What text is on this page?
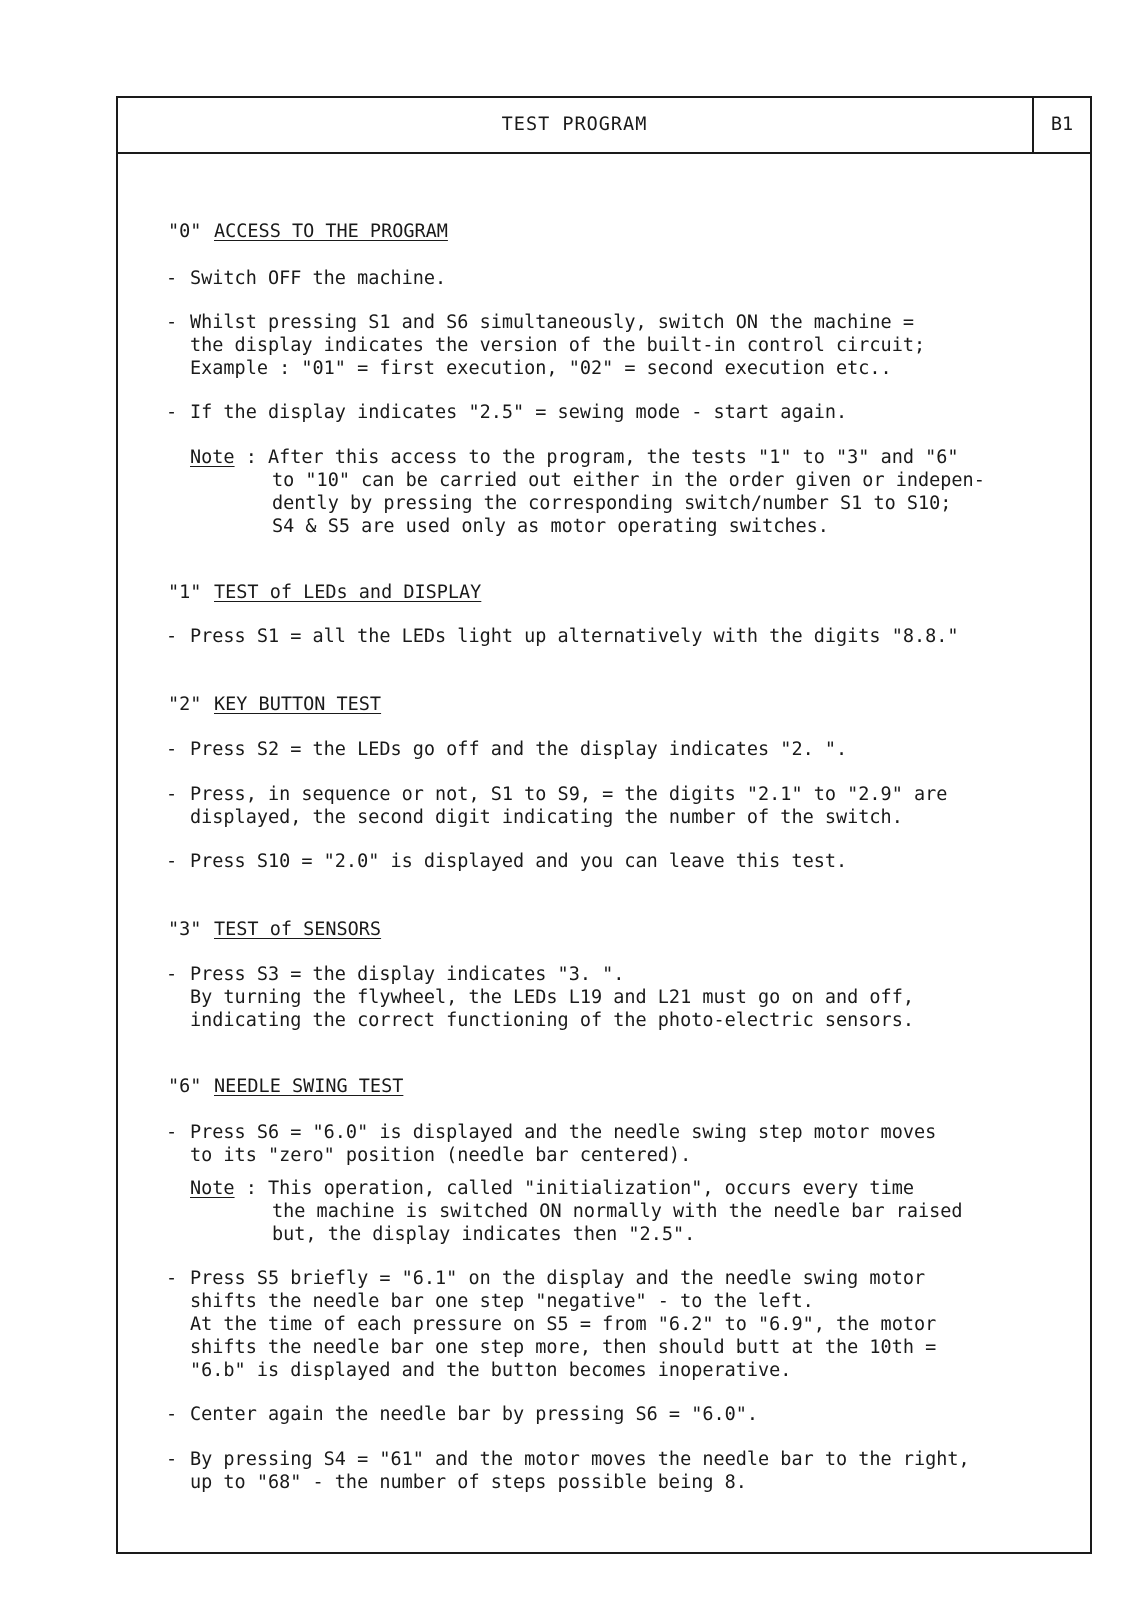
TEST PROGRAM	B1
"0" ACCESS TO THE PROGRAM
- Switch OFF the machine.
- Whilst pressing S1 and S6 simultaneously, switch ON the machine =
the display indicates the version of the built-in control circuit;
Example : "01" = first execution, "02" = second execution etc..
- If the display indicates "2.5" = sewing mode - start again.
Note : After this access to the program, the tests "1" to "3" and "6"
to "10" can be carried out either in the order given or indepen-
dently by pressing the corresponding switch/number S1 to S10;
S4 & S5 are used only as motor operating switches.
"1" TEST of LEDs and DISPLAY
- Press S1 = all the LEDs light up alternatively with the digits "8.8."
"2" KEY BUTTON TEST
- Press S2 = the LEDs go off and the display indicates "2. ".
- Press, in sequence or not, S1 to S9, = the digits "2.1" to "2.9" are
displayed, the second digit indicating the number of the switch.
- Press S10 = "2.0" is displayed and you can leave this test.
"3" TEST of SENSORS
- Press S3 = the display indicates "3. ".
By turning the flywheel, the LEDs L19 and L21 must go on and off,
indicating the correct functioning of the photo-electric sensors.
"6" NEEDLE SWING TEST
- Press S6 = "6.0" is displayed and the needle swing step motor moves
to its "zero" position (needle bar centered).
Note : This operation, called "initialization", occurs every time
the machine is switched ON normally with the needle bar raised
but, the display indicates then "2.5".
- Press S5 briefly = "6.1" on the display and the needle swing motor
shifts the needle bar one step "negative" - to the left.
At the time of each pressure on S5 = from "6.2" to "6.9", the motor
shifts the needle bar one step more, then should butt at the 10th =
"6.b" is displayed and the button becomes inoperative.
- Center again the needle bar by pressing S6 = "6.0".
- By pressing S4 = "61" and the motor moves the needle bar to the right,
up to "68" - the number of steps possible being 8.
